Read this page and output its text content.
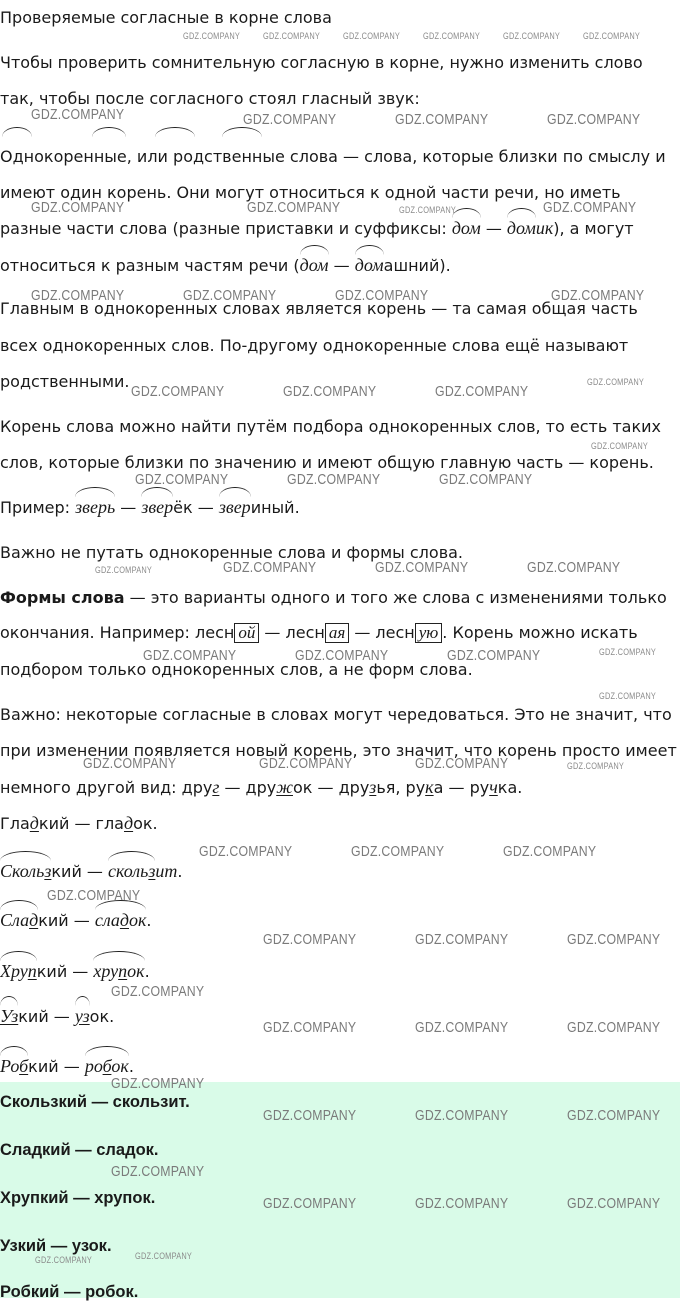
Проверяемые согласные в корне слова
Чтобы проверить сомнительную согласную в корне, нужно изменить слово
так, чтобы после согласного стоял гласный звук:
Однокоренные, или родственные слова — слова, которые близки по смыслу и
имеют один корень. Они могут относиться к одной части речи, но иметь
разные части слова (разные приставки и суффиксы: дом — домик), а могут
относиться к разным частям речи (дом — домашний).
Главным в однокоренных словах является корень — та самая общая часть
всех однокоренных слов. По-другому однокоренные слова ещё называют
родственными.
Корень слова можно найти путём подбора однокоренных слов, то есть таких
слов, которые близки по значению и имеют общую главную часть — корень.
Пример: зверь — зверёк — звериный.
Важно не путать однокоренные слова и формы слова.
Формы слова — это варианты одного и того же слова с изменениями только
окончания. Например: лесн ой — лесн ая — лесн ую . Корень можно искать
подбором только однокоренных слов, а не форм слова.
Важно: некоторые согласные в словах могут чередоваться. Это не значит, что
при изменении появляется новый корень, это значит, что корень просто имеет
немного другой вид: друг — дружок — друзья, рука — ручка.
Гладкий — гладок.
Скользкий — скользит.
Сладкий — сладок.
Хрупкий — хрупок.
Узкий — узок.
Робкий — робок.
Скользкий — скользит.
Сладкий — сладок.
Хрупкий — хрупок.
Узкий — узок.
Робкий — робок.
GDZ.COMPANY	GDZ.COMPANY	GDZ.COMPANY	GDZ.COMPANY	GDZ.COMPANY	GDZ.COMPANY
GDZ.COMPANY	GDZ.COMPANY	GDZ.COMPANY	GDZ.COMPANY
GDZ.COMPANY	GDZ.COMPANY	GDZ.COMPANY	GDZ.COMPANY
GDZ.COMPANY	GDZ.COMPANY	GDZ.COMPANY	GDZ.COMPANY
GDZ.COMPANY	GDZ.COMPANY	GDZ.COMPANY
GDZ.COMPANY
GDZ.COMPANY
GDZ.COMPANY	GDZ.COMPANY	GDZ.COMPANY
GDZ.COMPANY	GDZ.COMPANY	GDZ.COMPANY	GDZ.COMPANY
GDZ.COMPANY	GDZ.COMPANY	GDZ.COMPANY	GDZ.COMPANY
GDZ.COMPANY
GDZ.COMPANY	GDZ.COMPANY	GDZ.COMPANY	GDZ.COMPANY
GDZ.COMPANY	GDZ.COMPANY	GDZ.COMPANY
GDZ.COMPANY
GDZ.COMPANY	GDZ.COMPANY	GDZ.COMPANY
GDZ.COMPANY
GDZ.COMPANY	GDZ.COMPANY	GDZ.COMPANY
GDZ.COMPANY
GDZ.COMPANY	GDZ.COMPANY	GDZ.COMPANY
GDZ.COMPANY
GDZ.COMPANY	GDZ.COMPANY	GDZ.COMPANY
GDZ.COMPANY	GDZ.COMPANY
